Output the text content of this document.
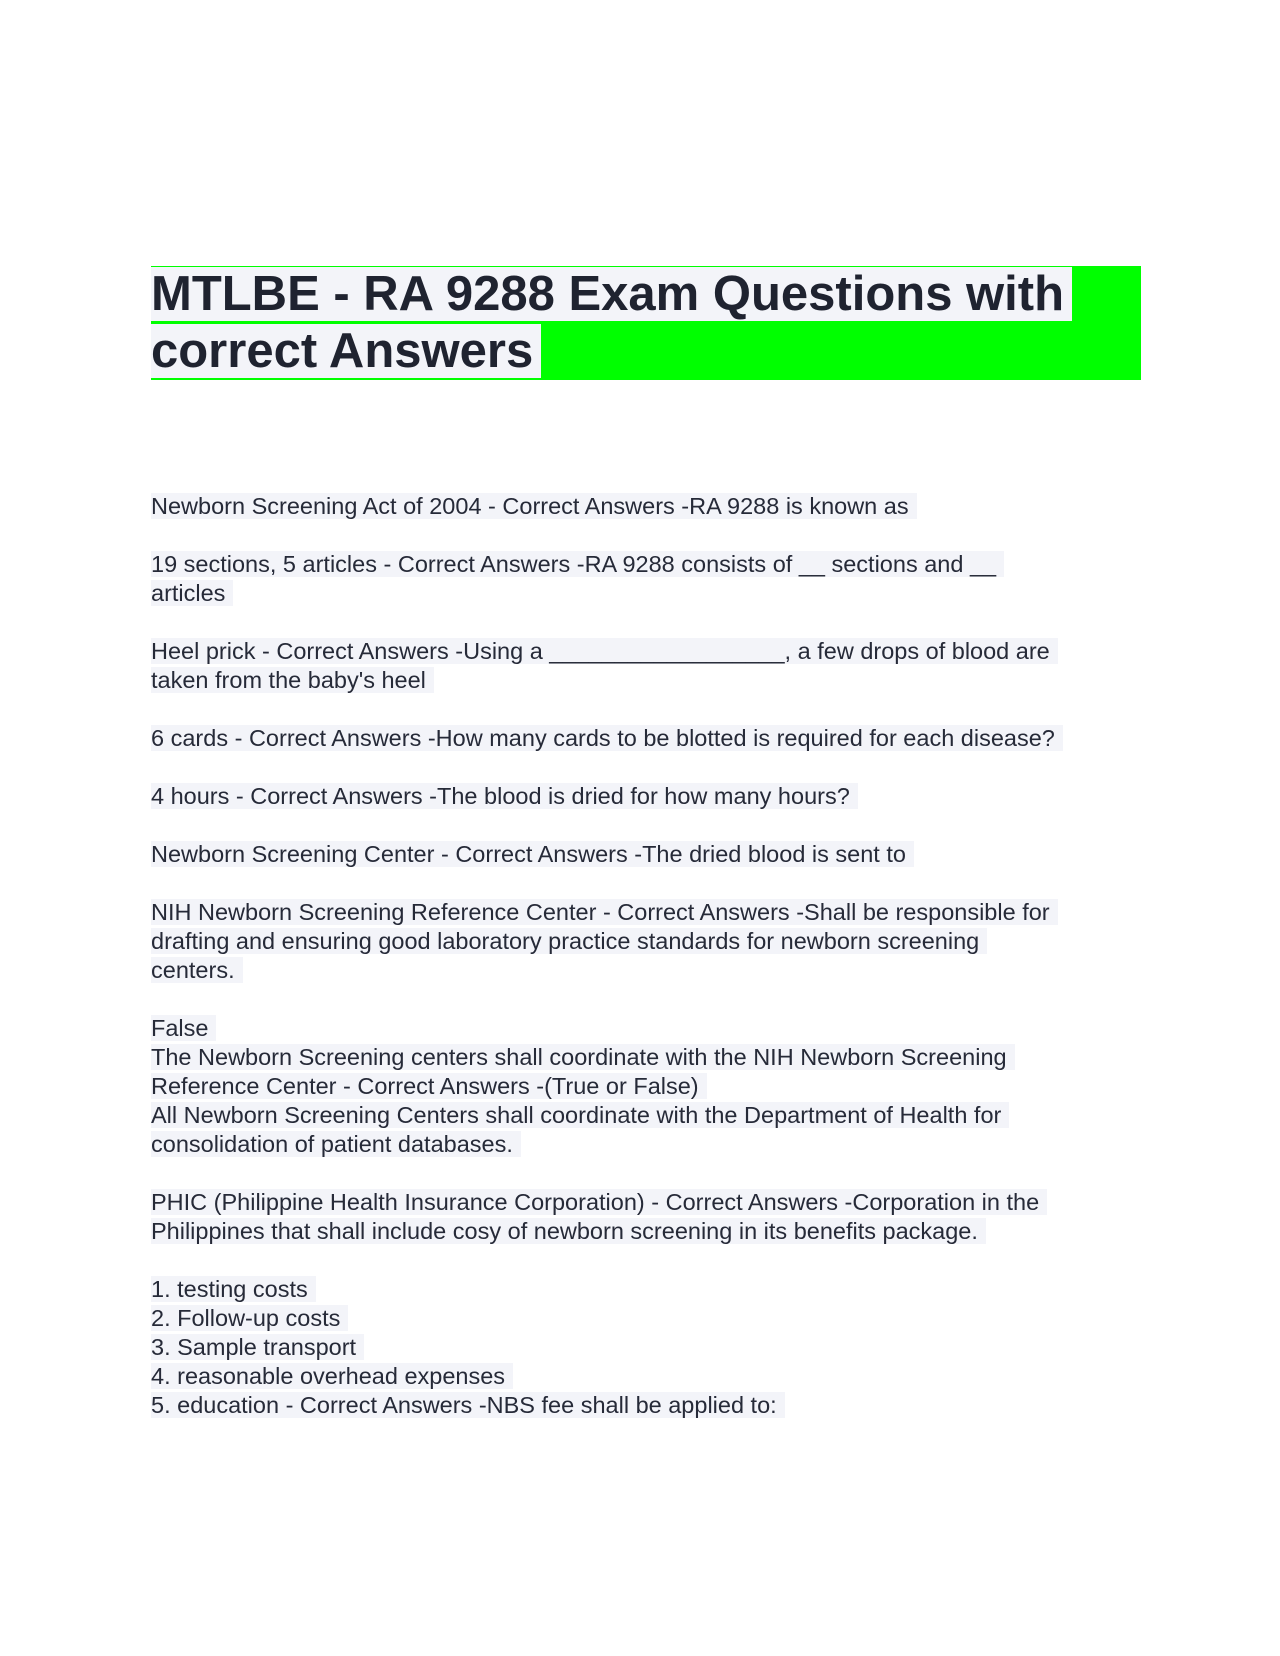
MTLBE - RA 9288 Exam Questions with
correct Answers
Newborn Screening Act of 2004 - Correct Answers -RA 9288 is known as
19 sections, 5 articles - Correct Answers -RA 9288 consists of __ sections and __
articles
Heel prick - Correct Answers -Using a __________________, a few drops of blood are
taken from the baby's heel
6 cards - Correct Answers -How many cards to be blotted is required for each disease?
4 hours - Correct Answers -The blood is dried for how many hours?
Newborn Screening Center - Correct Answers -The dried blood is sent to
NIH Newborn Screening Reference Center - Correct Answers -Shall be responsible for
drafting and ensuring good laboratory practice standards for newborn screening
centers.
False
The Newborn Screening centers shall coordinate with the NIH Newborn Screening
Reference Center - Correct Answers -(True or False)
All Newborn Screening Centers shall coordinate with the Department of Health for
consolidation of patient databases.
PHIC (Philippine Health Insurance Corporation) - Correct Answers -Corporation in the
Philippines that shall include cosy of newborn screening in its benefits package.
1. testing costs
2. Follow-up costs
3. Sample transport
4. reasonable overhead expenses
5. education - Correct Answers -NBS fee shall be applied to:
